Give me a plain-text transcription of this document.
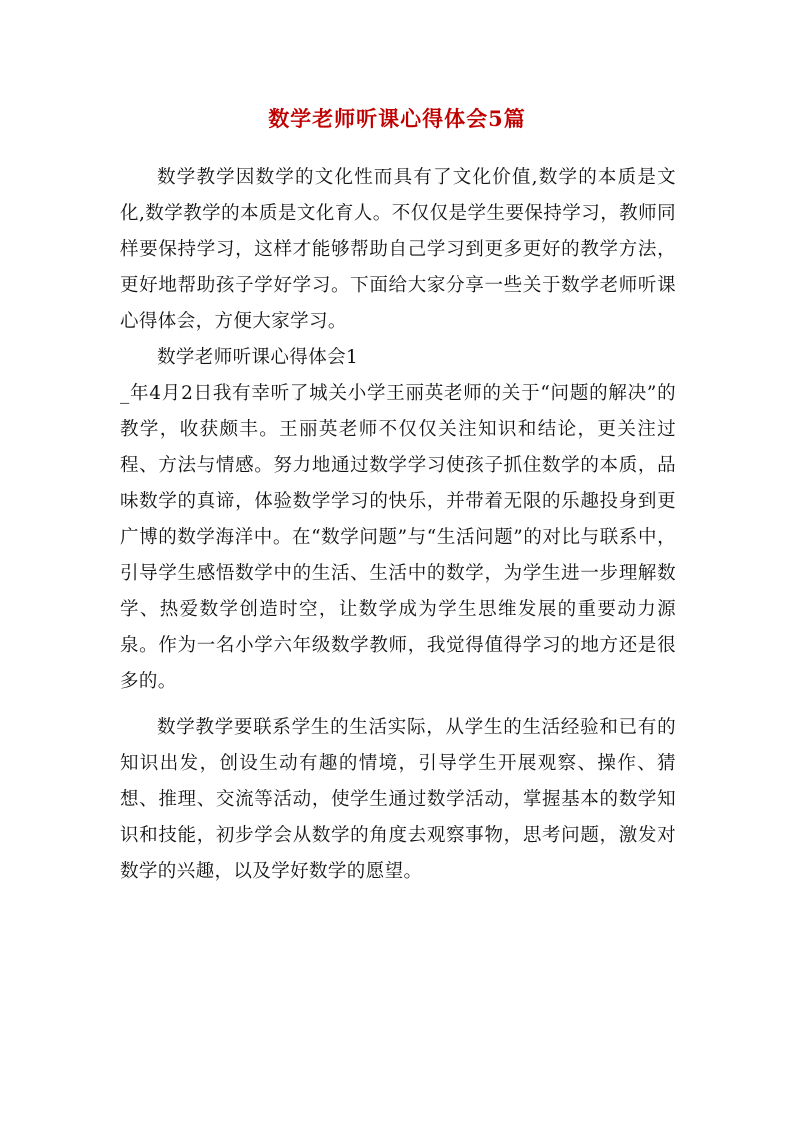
数学老师听课心得体会5篇

数学教学因数学的文化性而具有了文化价值,数学的本质是文化,数学教学的本质是文化育人。不仅仅是学生要保持学习，教师同样要保持学习，这样才能够帮助自己学习到更多更好的教学方法，更好地帮助孩子学好学习。下面给大家分享一些关于数学老师听课心得体会，方便大家学习。

数学老师听课心得体会1

_年4月2日我有幸听了城关小学王丽英老师的关于“问题的解决”的教学，收获颇丰。王丽英老师不仅仅关注知识和结论，更关注过程、方法与情感。努力地通过数学学习使孩子抓住数学的本质，品味数学的真谛，体验数学学习的快乐，并带着无限的乐趣投身到更广博的数学海洋中。在“数学问题”与“生活问题”的对比与联系中，引导学生感悟数学中的生活、生活中的数学，为学生进一步理解数学、热爱数学创造时空，让数学成为学生思维发展的重要动力源泉。作为一名小学六年级数学教师，我觉得值得学习的地方还是很多的。

数学教学要联系学生的生活实际，从学生的生活经验和已有的知识出发，创设生动有趣的情境，引导学生开展观察、操作、猜想、推理、交流等活动，使学生通过数学活动，掌握基本的数学知识和技能，初步学会从数学的角度去观察事物，思考问题，激发对数学的兴趣，以及学好数学的愿望。
